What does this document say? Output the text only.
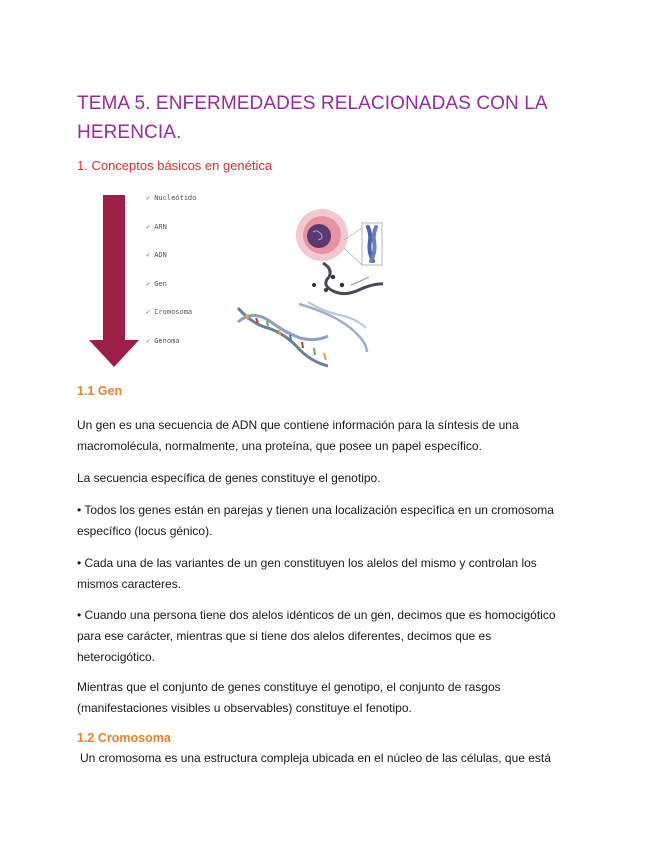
TEMA 5. ENFERMEDADES RELACIONADAS CON LA HERENCIA.
1. Conceptos básicos en genética
✓ Nucleótido
✓ ARN
✓ ADN
✓ Gen
✓ Cromosoma
✓ Genoma
1.1 Gen

Un gen es una secuencia de ADN que contiene información para la síntesis de una macromolécula, normalmente, una proteína, que posee un papel específico.

La secuencia específica de genes constituye el genotipo.

• Todos los genes están en parejas y tienen una localización específica en un cromosoma específico (locus génico).

• Cada una de las variantes de un gen constituyen los alelos del mismo y controlan los mismos caracteres.

• Cuando una persona tiene dos alelos idénticos de un gen, decimos que es homocigótico para ese carácter, mientras que si tiene dos alelos diferentes, decimos que es heterocigótico.

Mientras que el conjunto de genes constituye el genotipo, el conjunto de rasgos (manifestaciones visibles u observables) constituye el fenotipo.

1.2 Cromosoma

Un cromosoma es una estructura compleja ubicada en el núcleo de las células, que está
